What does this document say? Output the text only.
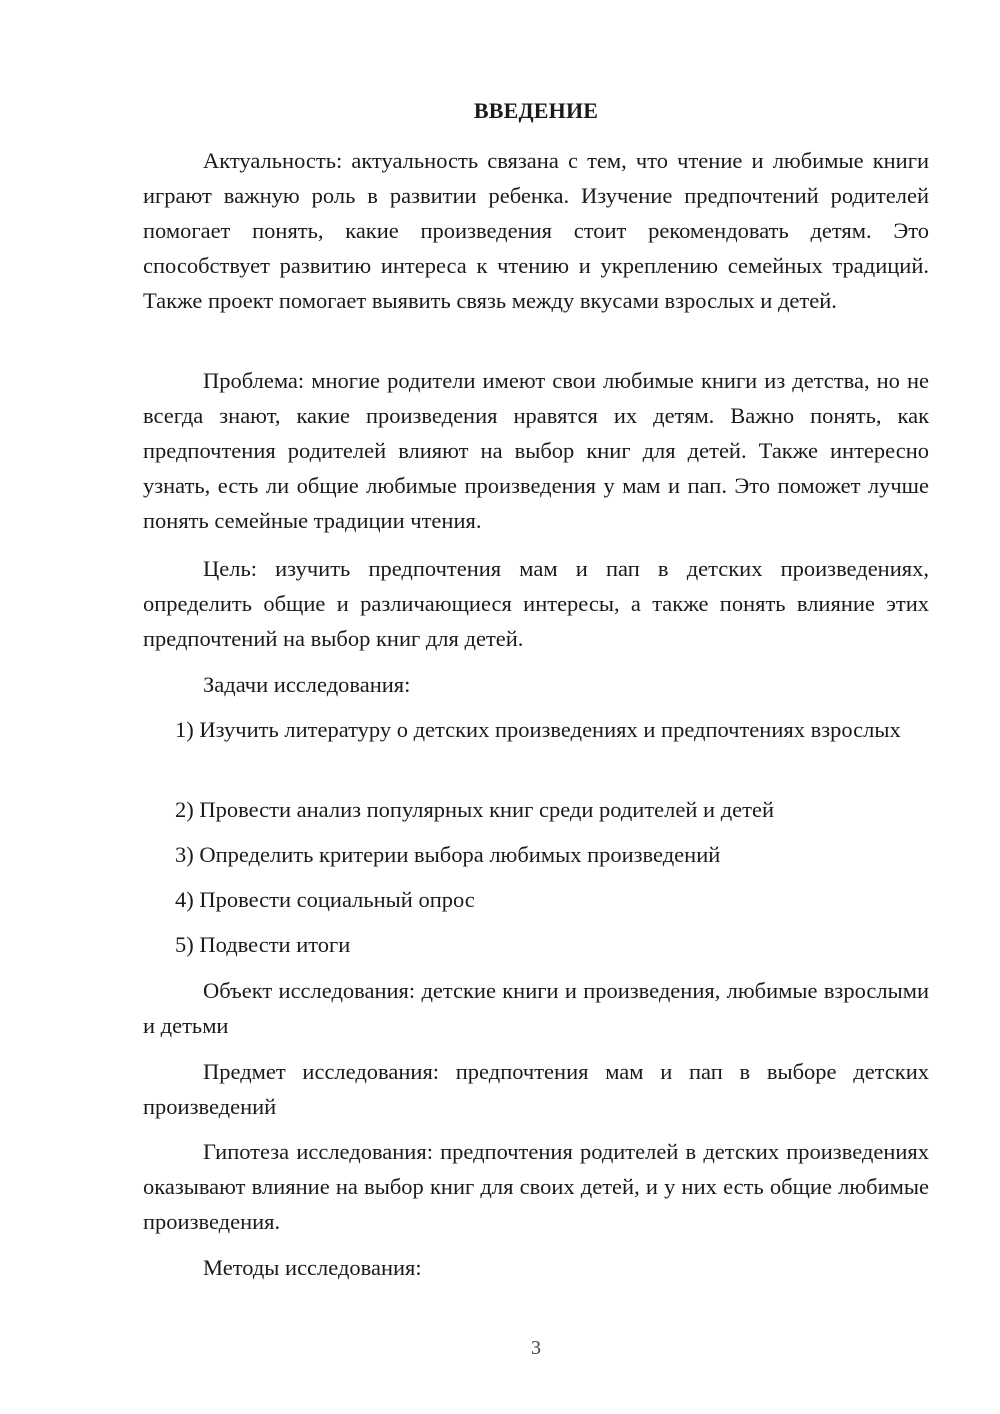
ВВЕДЕНИЕ

Актуальность: актуальность связана с тем, что чтение и любимые книги играют важную роль в развитии ребенка. Изучение предпочтений родителей помогает понять, какие произведения стоит рекомендовать детям. Это способствует развитию интереса к чтению и укреплению семейных традиций. Также проект помогает выявить связь между вкусами взрослых и детей.

Проблема: многие родители имеют свои любимые книги из детства, но не всегда знают, какие произведения нравятся их детям. Важно понять, как предпочтения родителей влияют на выбор книг для детей. Также интересно узнать, есть ли общие любимые произведения у мам и пап. Это поможет лучше понять семейные традиции чтения.

Цель: изучить предпочтения мам и пап в детских произведениях, определить общие и различающиеся интересы, а также понять влияние этих предпочтений на выбор книг для детей.

Задачи исследования:

1) Изучить литературу о детских произведениях и предпочтениях взрослых

2) Провести анализ популярных книг среди родителей и детей

3) Определить критерии выбора любимых произведений

4) Провести социальный опрос

5) Подвести итоги

Объект исследования: детские книги и произведения, любимые взрослыми и детьми

Предмет исследования: предпочтения мам и пап в выборе детских произведений

Гипотеза исследования: предпочтения родителей в детских произведениях оказывают влияние на выбор книг для своих детей, и у них есть общие любимые произведения.

Методы исследования:

3
